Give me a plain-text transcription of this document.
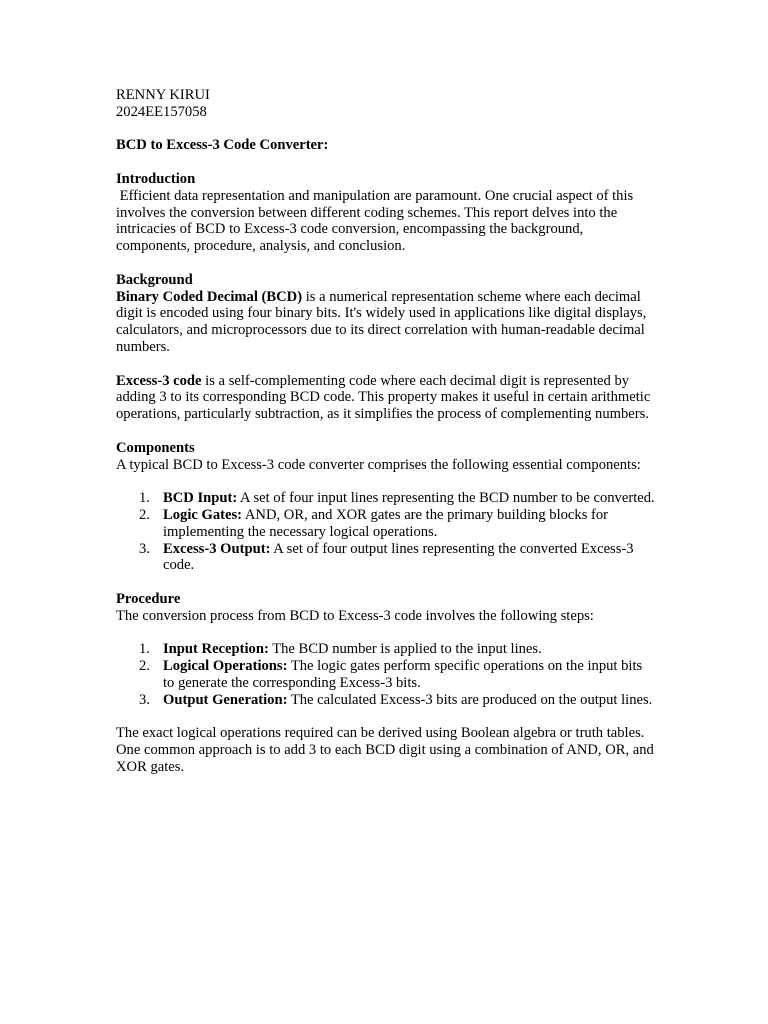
RENNY KIRUI

2024EE157058

BCD to Excess-3 Code Converter:

Introduction

Efficient data representation and manipulation are paramount. One crucial aspect of this involves the conversion between different coding schemes. This report delves into the intricacies of BCD to Excess-3 code conversion, encompassing the background, components, procedure, analysis, and conclusion.

Background

Binary Coded Decimal (BCD) is a numerical representation scheme where each decimal digit is encoded using four binary bits. It's widely used in applications like digital displays, calculators, and microprocessors due to its direct correlation with human-readable decimal numbers.

Excess-3 code is a self-complementing code where each decimal digit is represented by adding 3 to its corresponding BCD code. This property makes it useful in certain arithmetic operations, particularly subtraction, as it simplifies the process of complementing numbers.

Components

A typical BCD to Excess-3 code converter comprises the following essential components:

1. BCD Input: A set of four input lines representing the BCD number to be converted.
2. Logic Gates: AND, OR, and XOR gates are the primary building blocks for implementing the necessary logical operations.
3. Excess-3 Output: A set of four output lines representing the converted Excess-3 code.

Procedure

The conversion process from BCD to Excess-3 code involves the following steps:

1. Input Reception: The BCD number is applied to the input lines.
2. Logical Operations: The logic gates perform specific operations on the input bits to generate the corresponding Excess-3 bits.
3. Output Generation: The calculated Excess-3 bits are produced on the output lines.

The exact logical operations required can be derived using Boolean algebra or truth tables. One common approach is to add 3 to each BCD digit using a combination of AND, OR, and XOR gates.
